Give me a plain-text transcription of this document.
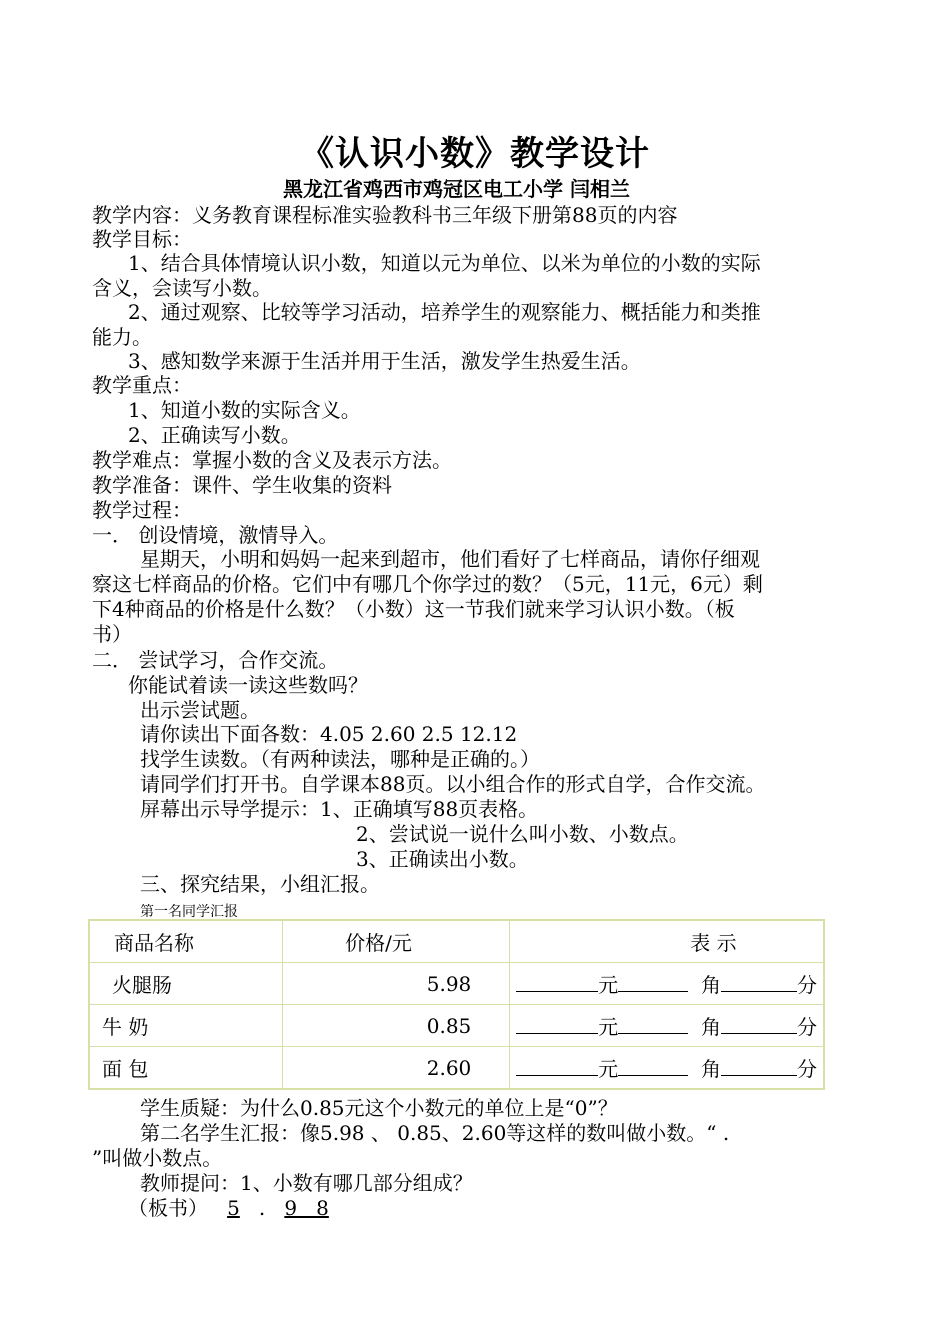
《认识小数》教学设计
黑龙江省鸡西市鸡冠区电工小学 闫相兰
教学内容：义务教育课程标准实验教科书三年级下册第88页的内容
教学目标：
1、结合具体情境认识小数，知道以元为单位、以米为单位的小数的实际
含义，会读写小数。
2、通过观察、比较等学习活动，培养学生的观察能力、概括能力和类推
能力。
3、感知数学来源于生活并用于生活，激发学生热爱生活。
教学重点：
1、知道小数的实际含义。
2、正确读写小数。
教学难点：掌握小数的含义及表示方法。
教学准备：课件、学生收集的资料
教学过程：
一． 创设情境，激情导入。
星期天，小明和妈妈一起来到超市，他们看好了七样商品，请你仔细观
察这七样商品的价格。它们中有哪几个你学过的数？（5元，11元，6元）剩
下4种商品的价格是什么数？（小数）这一节我们就来学习认识小数。（板
书）
二． 尝试学习，合作交流。
你能试着读一读这些数吗？
出示尝试题。
请你读出下面各数：4.05 2.60 2.5 12.12
找学生读数。（有两种读法，哪种是正确的。）
请同学们打开书。自学课本88页。以小组合作的形式自学，合作交流。
屏幕出示导学提示：1、正确填写88页表格。
2、尝试说一说什么叫小数、小数点。
3、正确读出小数。
三、探究结果，小组汇报。
第一名同学汇报
商品名称	价格/元	表 示
火腿肠	5.98	元 角 分
牛 奶	0.85	元 角 分
面 包	2.60	元 角 分
学生质疑：为什么0.85元这个小数元的单位上是“0”？
第二名学生汇报：像5.98 、 0.85、2.60等这样的数叫做小数。“ .
”叫做小数点。
教师提问：1、小数有哪几部分组成？
（板书） 5 . 9   8
